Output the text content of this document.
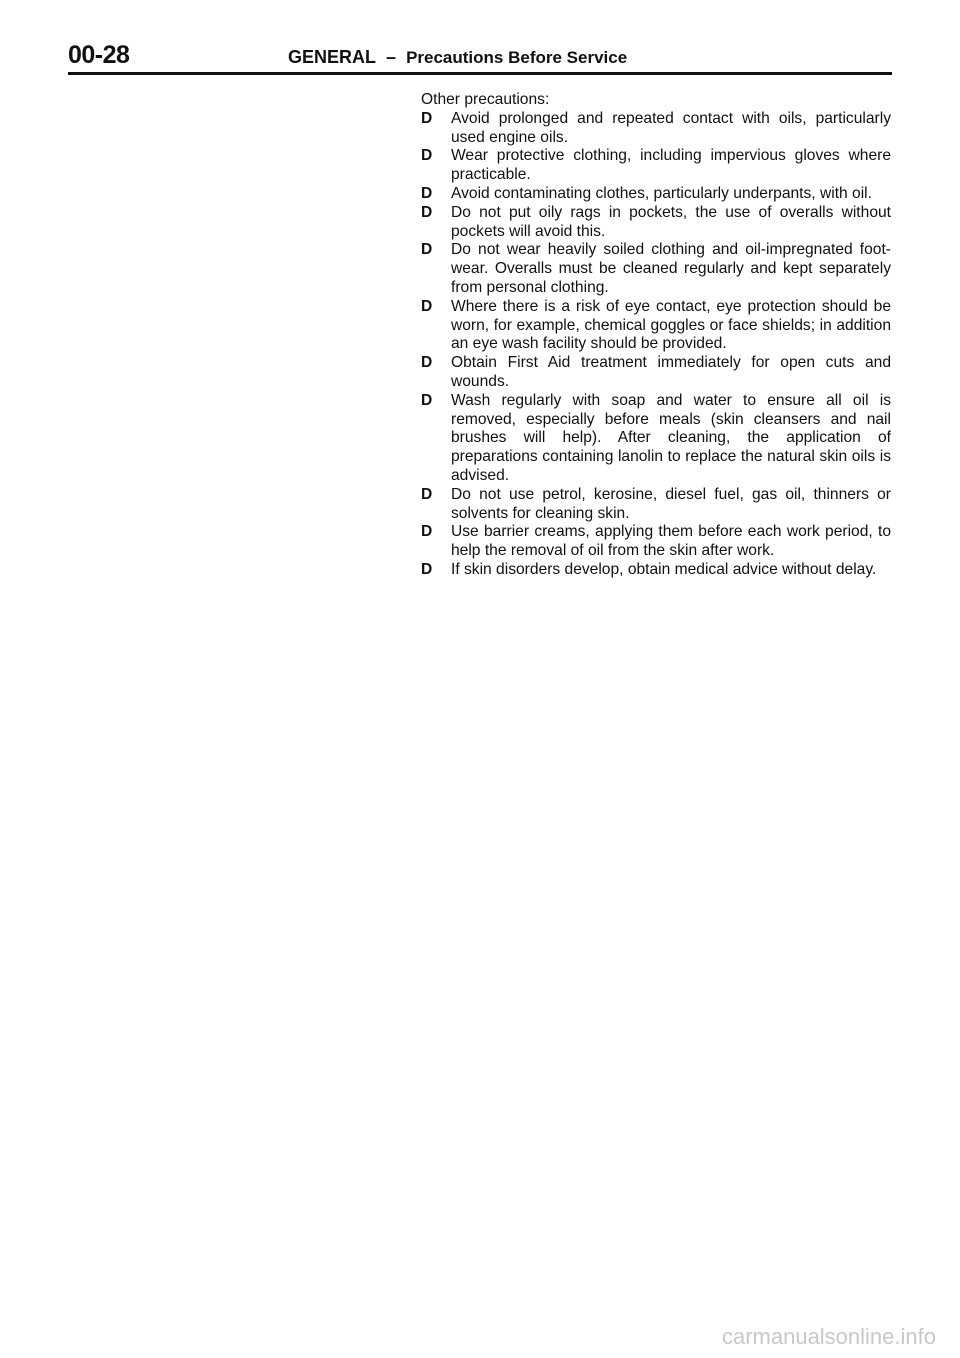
00-28	GENERAL – Precautions Before Service

Other precautions:

D Avoid prolonged and repeated contact with oils, particularly used engine oils.
D Wear protective clothing, including impervious gloves where practicable.
D Avoid contaminating clothes, particularly underpants, with oil.
D Do not put oily rags in pockets, the use of overalls without pockets will avoid this.
D Do not wear heavily soiled clothing and oil-impregnated foot-wear. Overalls must be cleaned regularly and kept separately from personal clothing.
D Where there is a risk of eye contact, eye protection should be worn, for example, chemical goggles or face shields; in addition an eye wash facility should be provided.
D Obtain First Aid treatment immediately for open cuts and wounds.
D Wash regularly with soap and water to ensure all oil is removed, especially before meals (skin cleansers and nail brushes will help). After cleaning, the application of preparations containing lanolin to replace the natural skin oils is advised.
D Do not use petrol, kerosine, diesel fuel, gas oil, thinners or solvents for cleaning skin.
D Use barrier creams, applying them before each work period, to help the removal of oil from the skin after work.
D If skin disorders develop, obtain medical advice without delay.
carmanualsonline.info
